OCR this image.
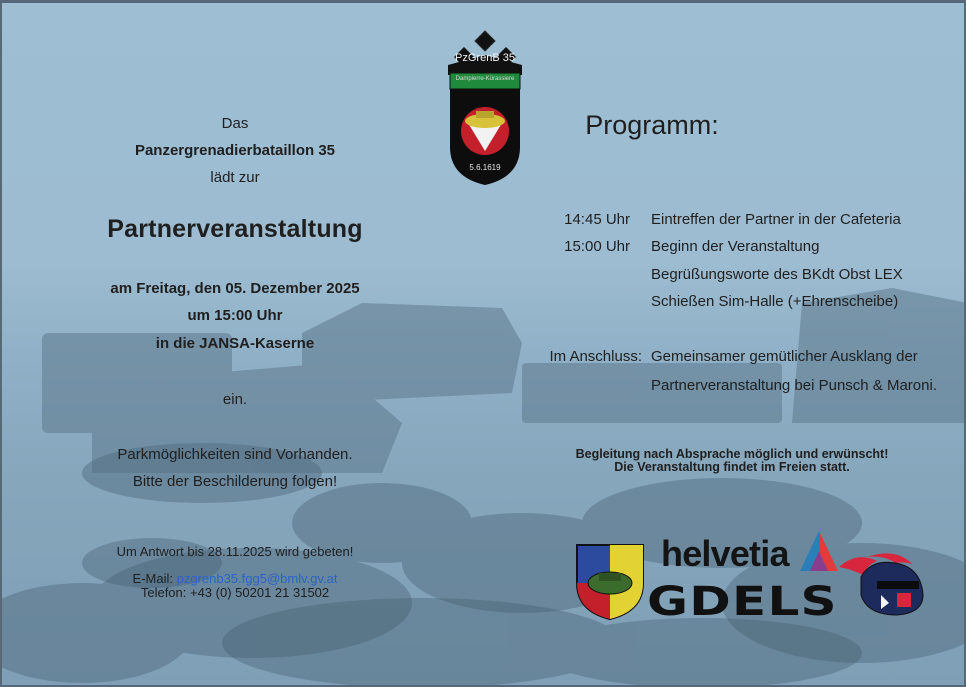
PzGrenB 35
Dampierre-Kürassiere
5.6.1619
Das
Panzergrenadierbataillon 35
lädt zur
Partnerveranstaltung
am Freitag, den 05. Dezember 2025
um 15:00 Uhr
in die JANSA-Kaserne
ein.
Parkmöglichkeiten sind Vorhanden.
Bitte der Beschilderung folgen!
Um Antwort bis 28.11.2025 wird gebeten!
E-Mail: pzgrenb35.fgg5@bmlv.gv.at
Telefon: +43 (0) 50201 21 31502
Programm:
14:45 Uhr Eintreffen der Partner in der Cafeteria
15:00 Uhr Beginn der Veranstaltung
Begrüßungsworte des BKdt Obst LEX
Schießen Sim-Halle (+Ehrenscheibe)
Im Anschluss: Gemeinsamer gemütlicher Ausklang der
Partnerveranstaltung bei Punsch & Maroni.
Begleitung nach Absprache möglich und erwünscht!
Die Veranstaltung findet im Freien statt.
helvetia
GDELS
